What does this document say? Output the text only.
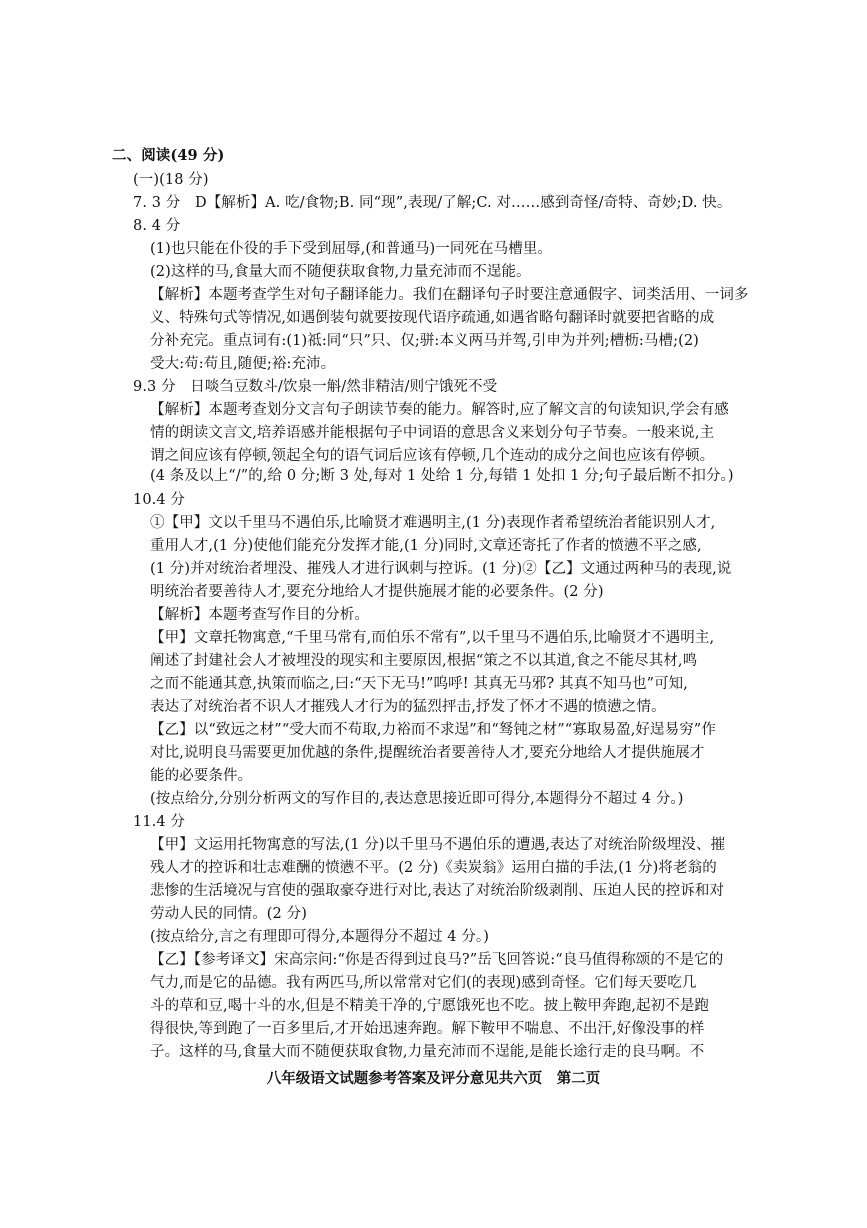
二、阅读(49 分)
(一)(18 分)
7. 3 分　D【解析】A. 吃/食物;B. 同“现”,表现/了解;C. 对……感到奇怪/奇特、奇妙;D. 快。
8. 4 分
(1)也只能在仆役的手下受到屈辱,(和普通马)一同死在马槽里。
(2)这样的马,食量大而不随便获取食物,力量充沛而不逞能。
【解析】本题考查学生对句子翻译能力。我们在翻译句子时要注意通假字、词类活用、一词多
义、特殊句式等情况,如遇倒装句就要按现代语序疏通,如遇省略句翻译时就要把省略的成
分补充完。重点词有:(1)祗:同“只”只、仅;骈:本义两马并驾,引申为并列;槽枥:马槽;(2)
受大:苟:苟且,随便;裕:充沛。
9.3 分　日啖刍豆数斗/饮泉一斛/然非精洁/则宁饿死不受
【解析】本题考查划分文言句子朗读节奏的能力。解答时,应了解文言的句读知识,学会有感
情的朗读文言文,培养语感并能根据句子中词语的意思含义来划分句子节奏。一般来说,主
谓之间应该有停顿,领起全句的语气词后应该有停顿,几个连动的成分之间也应该有停顿。
(4 条及以上“/”的,给 0 分;断 3 处,每对 1 处给 1 分,每错 1 处扣 1 分;句子最后断不扣分。)
10.4 分
①【甲】文以千里马不遇伯乐,比喻贤才难遇明主,(1 分)表现作者希望统治者能识别人才,
重用人才,(1 分)使他们能充分发挥才能,(1 分)同时,文章还寄托了作者的愤懑不平之感,
(1 分)并对统治者埋没、摧残人才进行讽刺与控诉。(1 分)②【乙】文通过两种马的表现,说
明统治者要善待人才,要充分地给人才提供施展才能的必要条件。(2 分)
【解析】本题考查写作目的分析。
【甲】文章托物寓意,“千里马常有,而伯乐不常有”,以千里马不遇伯乐,比喻贤才不遇明主,
阐述了封建社会人才被埋没的现实和主要原因,根据“策之不以其道,食之不能尽其材,鸣
之而不能通其意,执策而临之,曰:“天下无马!”呜呼! 其真无马邪? 其真不知马也”可知,
表达了对统治者不识人才摧残人才行为的猛烈抨击,抒发了怀才不遇的愤懑之情。
【乙】以“致远之材”“受大而不苟取,力裕而不求逞”和“驽钝之材”“寡取易盈,好逞易穷”作
对比,说明良马需要更加优越的条件,提醒统治者要善待人才,要充分地给人才提供施展才
能的必要条件。
(按点给分,分别分析两文的写作目的,表达意思接近即可得分,本题得分不超过 4 分。)
11.4 分
【甲】文运用托物寓意的写法,(1 分)以千里马不遇伯乐的遭遇,表达了对统治阶级埋没、摧
残人才的控诉和壮志难酬的愤懑不平。(2 分)《卖炭翁》运用白描的手法,(1 分)将老翁的
悲惨的生活境况与宫使的强取豪夺进行对比,表达了对统治阶级剥削、压迫人民的控诉和对
劳动人民的同情。(2 分)
(按点给分,言之有理即可得分,本题得分不超过 4 分。)
【乙】【参考译文】宋高宗问:“你是否得到过良马?”岳飞回答说:“良马值得称颂的不是它的
气力,而是它的品德。我有两匹马,所以常常对它们(的表现)感到奇怪。它们每天要吃几
斗的草和豆,喝十斗的水,但是不精美干净的,宁愿饿死也不吃。披上鞍甲奔跑,起初不是跑
得很快,等到跑了一百多里后,才开始迅速奔跑。解下鞍甲不喘息、不出汗,好像没事的样
子。这样的马,食量大而不随便获取食物,力量充沛而不逞能,是能长途行走的良马啊。不
八年级语文试题参考答案及评分意见共六页　第二页
